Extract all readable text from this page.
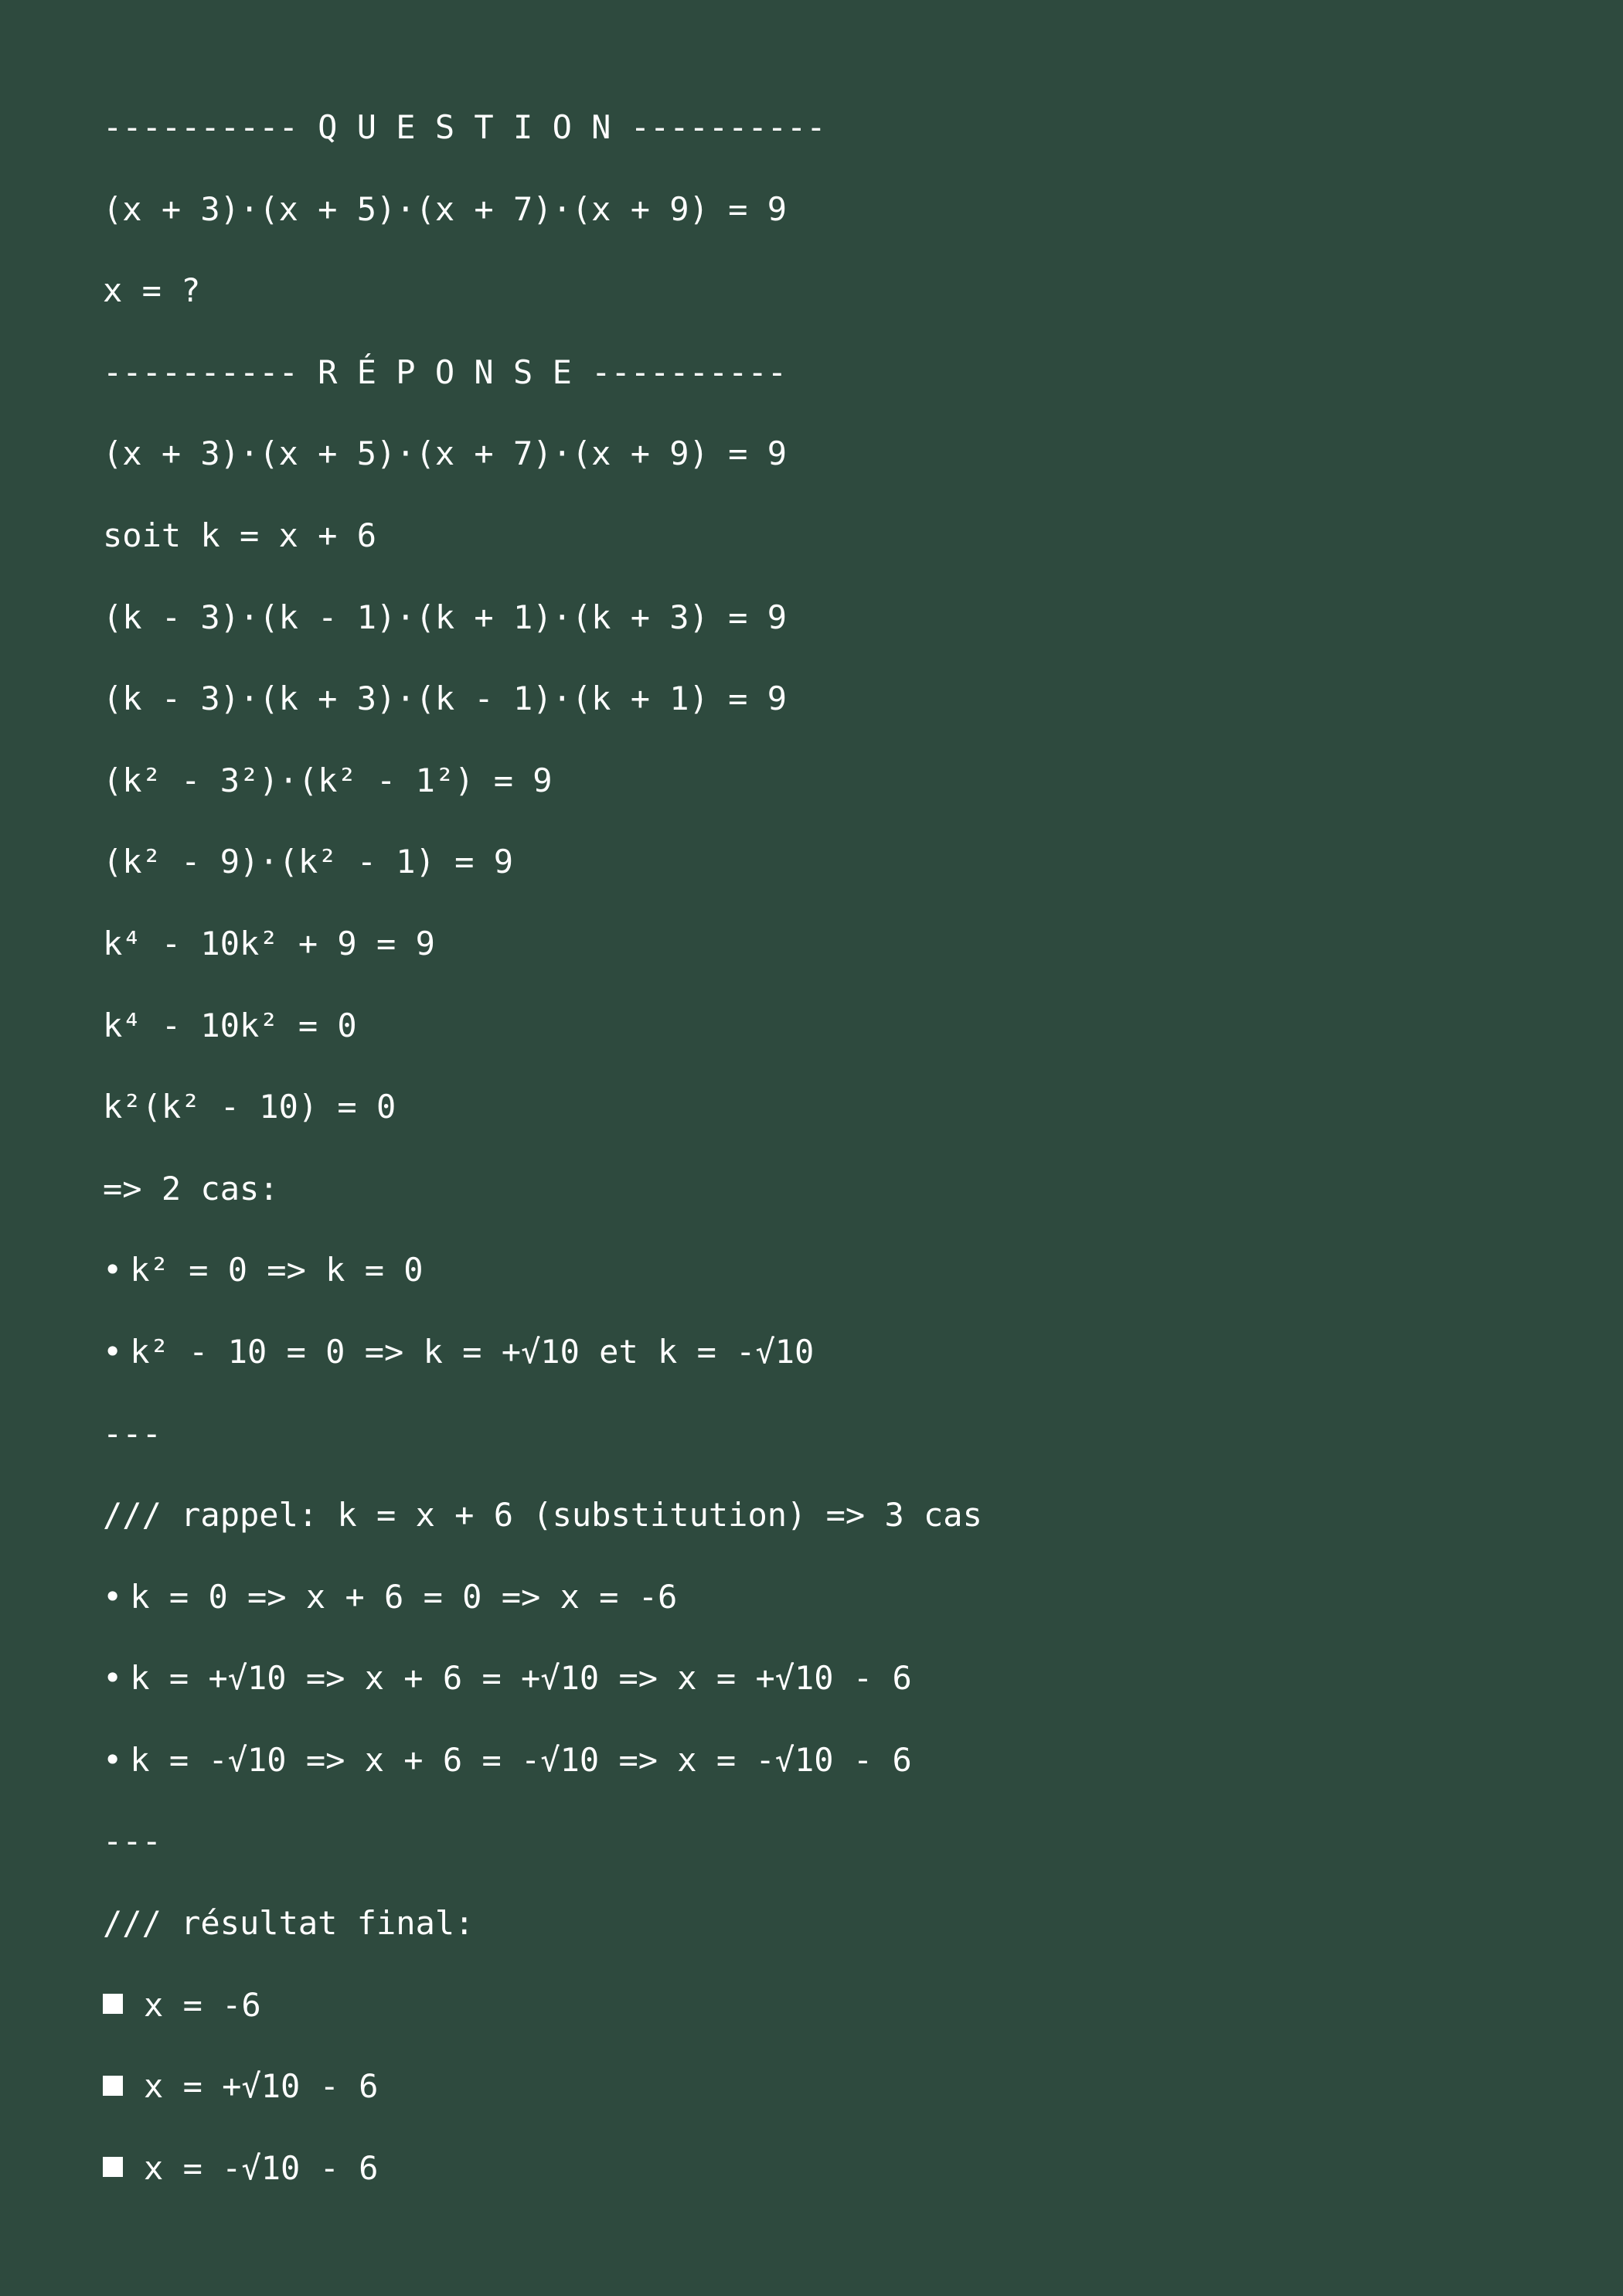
---------- Q U E S T I O N ----------
(x + 3)·(x + 5)·(x + 7)·(x + 9) = 9
x = ?
---------- R É P O N S E ----------
(x + 3)·(x + 5)·(x + 7)·(x + 9) = 9
soit k = x + 6
(k - 3)·(k - 1)·(k + 1)·(k + 3) = 9
(k - 3)·(k + 3)·(k - 1)·(k + 1) = 9
(k² - 3²)·(k² - 1²) = 9
(k² - 9)·(k² - 1) = 9
k⁴ - 10k² + 9 = 9
k⁴ - 10k² = 0
k²(k² - 10) = 0
=> 2 cas:
• k² = 0 => k = 0
• k² - 10 = 0 => k = +√10 et k = -√10
---
/// rappel: k = x + 6 (substitution) => 3 cas
• k = 0 => x + 6 = 0 => x = -6
• k = +√10 => x + 6 = +√10 => x = +√10 - 6
• k = -√10 => x + 6 = -√10 => x = -√10 - 6
---
/// résultat final:
x = -6
x = +√10 - 6
x = -√10 - 6
